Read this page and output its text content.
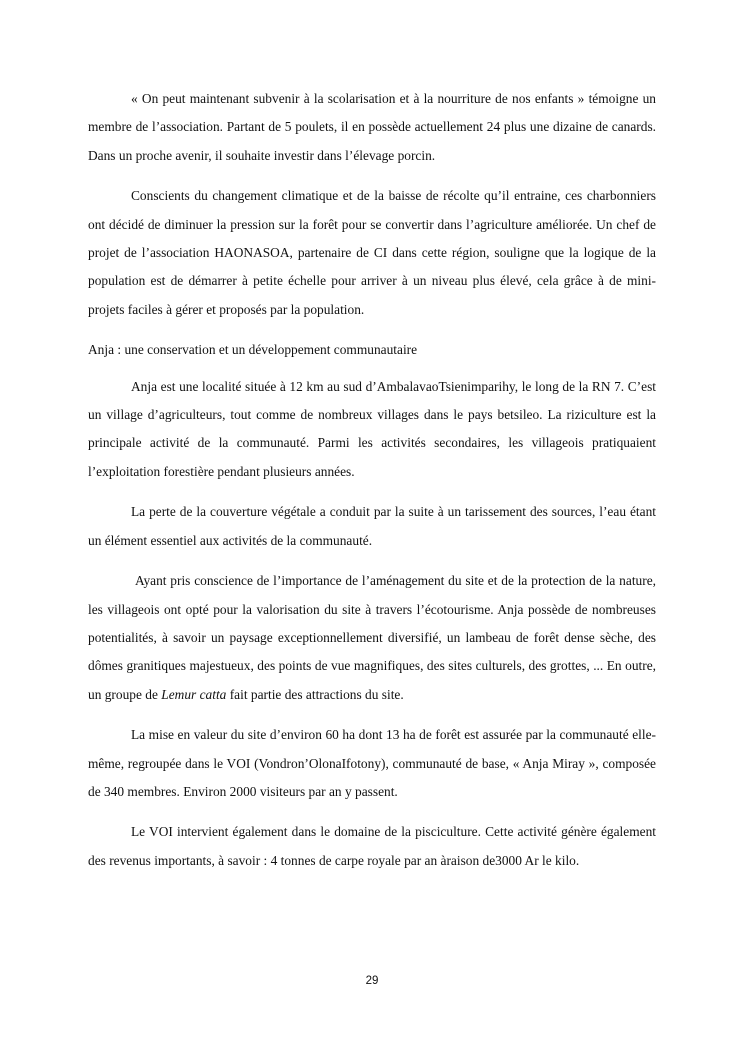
« On peut maintenant subvenir à la scolarisation et à la nourriture de nos enfants » témoigne un membre de l’association. Partant de 5 poulets, il en possède actuellement 24 plus une dizaine de canards. Dans un proche avenir, il souhaite investir dans l’élevage porcin.

Conscients du changement climatique et de la baisse de récolte qu’il entraine, ces charbonniers ont décidé de diminuer la pression sur la forêt pour se convertir dans l’agriculture améliorée. Un chef de projet de l’association HAONASOA, partenaire de CI dans cette région, souligne que la logique de la population est de démarrer à petite échelle pour arriver à un niveau plus élevé, cela grâce à de mini-projets faciles à gérer et proposés par la population.

Anja : une conservation et un développement communautaire

Anja est une localité située à 12 km au sud d’AmbalavaoTsienimparihy, le long de la RN 7. C’est un village d’agriculteurs, tout comme de nombreux villages dans le pays betsileo. La riziculture est la principale activité de la communauté. Parmi les activités secondaires, les villageois pratiquaient l’exploitation forestière pendant plusieurs années.

La perte de la couverture végétale a conduit par la suite à un tarissement des sources, l’eau étant un élément essentiel aux activités de la communauté.

Ayant pris conscience de l’importance de l’aménagement du site et de la protection de la nature, les villageois ont opté pour la valorisation du site à travers l’écotourisme. Anja possède de nombreuses potentialités, à savoir un paysage exceptionnellement diversifié, un lambeau de forêt dense sèche, des dômes granitiques majestueux, des points de vue magnifiques, des sites culturels, des grottes, ... En outre, un groupe de Lemur catta fait partie des attractions du site.

La mise en valeur du site d’environ 60 ha dont 13 ha de forêt est assurée par la communauté elle-même, regroupée dans le VOI (Vondron’OlonaIfotony), communauté de base, « Anja Miray », composée de 340 membres. Environ 2000 visiteurs par an y passent.

Le VOI intervient également dans le domaine de la pisciculture. Cette activité génère également des revenus importants, à savoir : 4 tonnes de carpe royale par an àraison de3000 Ar le kilo.

29
